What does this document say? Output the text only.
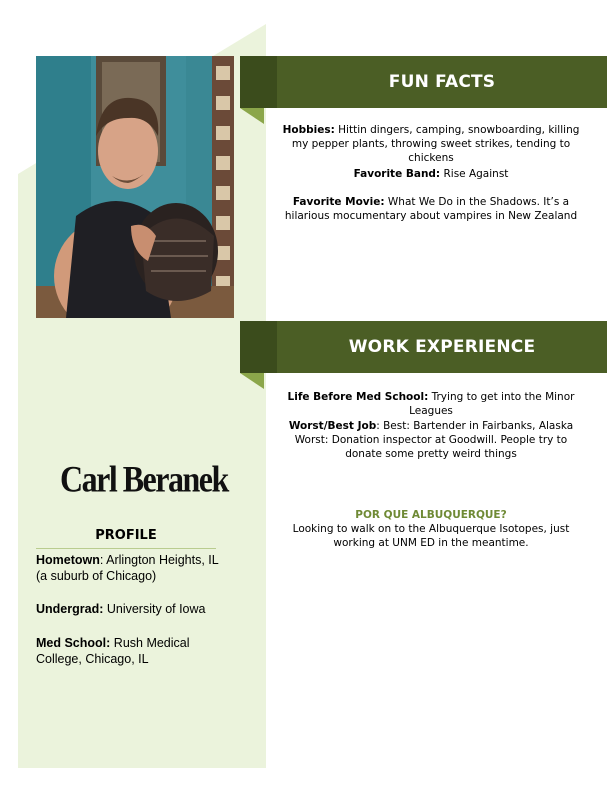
FUN FACTS
Hobbies: Hittin dingers, camping, snowboarding, killing my pepper plants, throwing sweet strikes, tending to chickens
Favorite Band: Rise Against
Favorite Movie: What We Do in the Shadows. It’s a hilarious mocumentary about vampires in New Zealand
WORK EXPERIENCE
Life Before Med School: Trying to get into the Minor Leagues
Worst/Best Job: Best: Bartender in Fairbanks, Alaska
Worst: Donation inspector at Goodwill. People try to donate some pretty weird things
POR QUE ALBUQUERQUE?
Looking to walk on to the Albuquerque Isotopes, just working at UNM ED in the meantime.
Carl Beranek
PROFILE
Hometown: Arlington Heights, IL (a suburb of Chicago)
Undergrad: University of Iowa
Med School: Rush Medical College, Chicago, IL
